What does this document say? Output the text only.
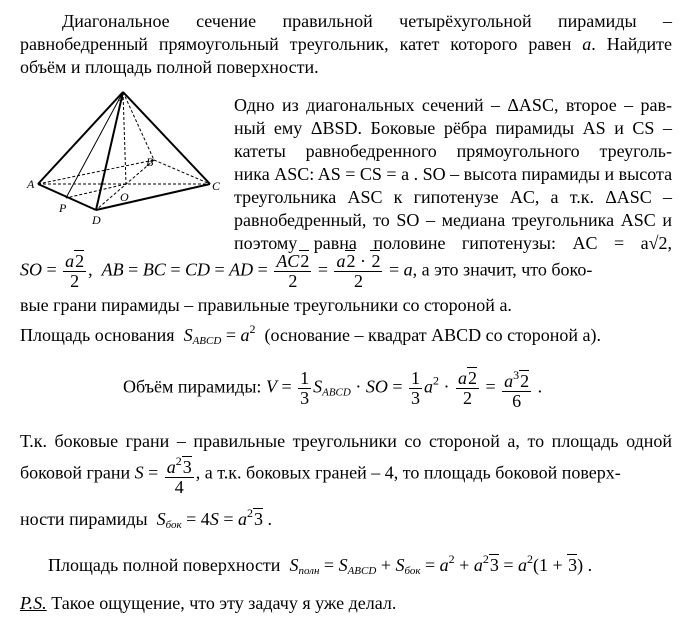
Диагональное сечение правильной четырёхугольной пирамиды –
равнобедренный прямоугольный треугольник, катет которого равен a. Найдите
объём и площадь полной поверхности.
S
A
B
C
D
O
P
Одно из диагональных сечений – ΔASC, второе – рав-
ный ему ΔBSD. Боковые рёбра пирамиды AS и CS –
катеты равнобедренного прямоугольного треуголь-
ника ASC: AS = CS = a . SO – высота пирамиды и высота
треугольника ASC к гипотенузе AC, а т.к. ΔASC –
равнобедренный, то SO – медиана треугольника ASC и
поэтому равна половине гипотенузы: AC = a√2,
SO = $\frac{a2}{2}$ ,  AB = BC = CD = AD = $\frac{AC2}{2} = \frac{a2 \cdot 2}{2} = a$, а это значит, что боко-
вые грани пирамиды – правильные треугольники со стороной a.
Площадь основания $S_{ABCD} = a^2$ (основание – квадрат ABCD со стороной a).
Объём пирамиды: $V = \frac{1}{3} S_{ABCD}$ · SO = $\frac{1}{3} a^2 \cdot \frac{a2}{2} = \frac{a^32}{6}$ .
Т.к. боковые грани – правильные треугольники со стороной a, то площадь одной
боковой грани $S = \frac{a^23}{4}$ , а т.к. боковых граней – 4, то площадь боковой поверх-
ности пирамиды $S_{бок} = 4S = a^23$ .
Площадь полной поверхности $S_{полн} = S_{ABCD} + S_{бок} = a^2 + a^23 = a^2(1 + 3)$ .
P.S. Такое ощущение, что эту задачу я уже делал.
